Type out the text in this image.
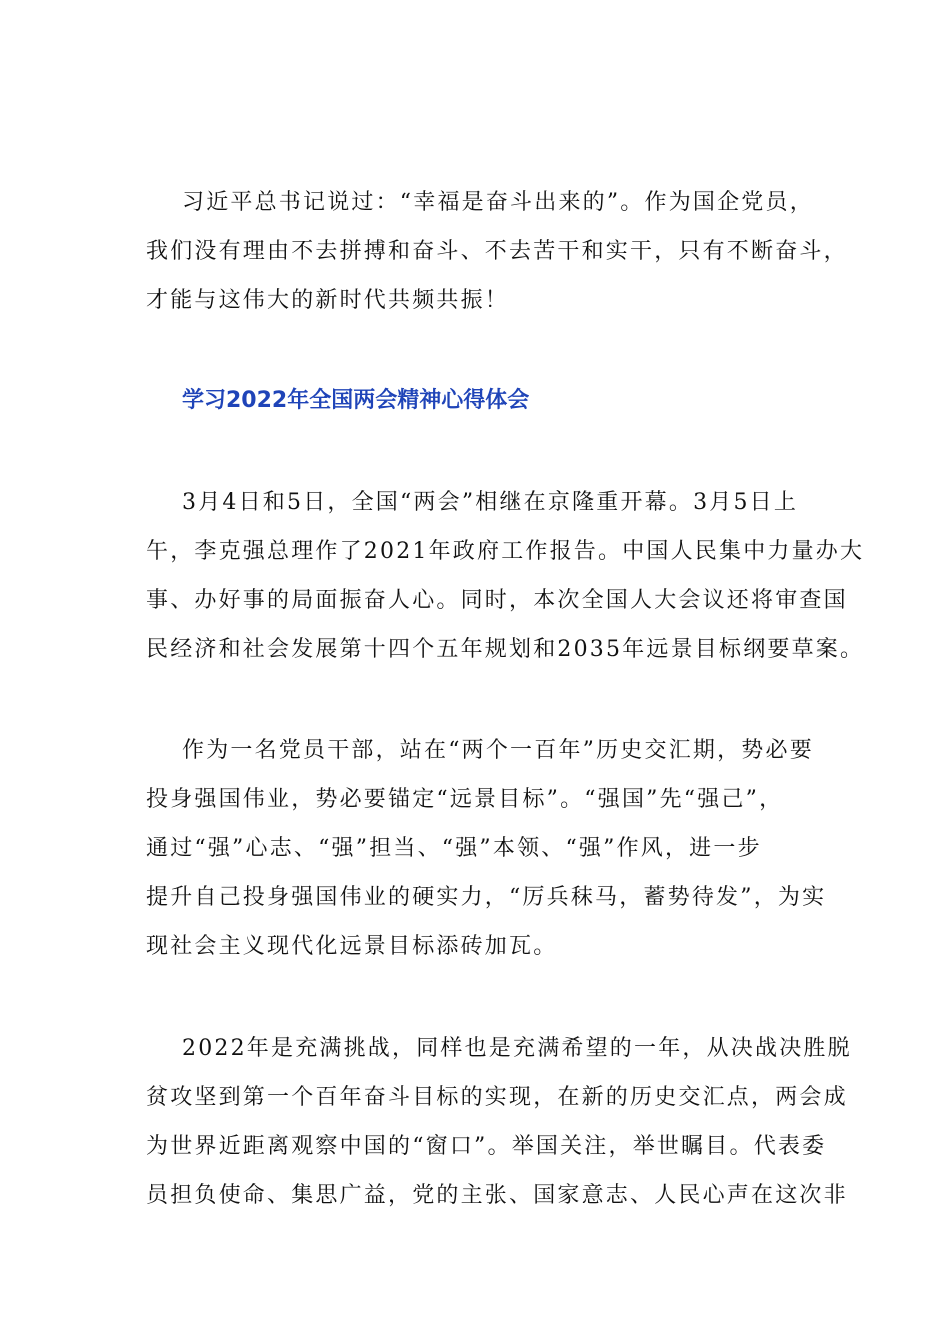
习近平总书记说过：“幸福是奋斗出来的”。作为国企党员，
我们没有理由不去拼搏和奋斗、不去苦干和实干，只有不断奋斗，
才能与这伟大的新时代共频共振！
学习2022年全国两会精神心得体会
3月4日和5日，全国“两会”相继在京隆重开幕。3月5日上
午，李克强总理作了2021年政府工作报告。中国人民集中力量办大
事、办好事的局面振奋人心。同时，本次全国人大会议还将审查国
民经济和社会发展第十四个五年规划和2035年远景目标纲要草案。
作为一名党员干部，站在“两个一百年”历史交汇期，势必要
投身强国伟业，势必要锚定“远景目标”。“强国”先“强己”，
通过“强”心志、“强”担当、“强”本领、“强”作风，进一步
提升自己投身强国伟业的硬实力，“厉兵秣马，蓄势待发”，为实
现社会主义现代化远景目标添砖加瓦。
2022年是充满挑战，同样也是充满希望的一年，从决战决胜脱
贫攻坚到第一个百年奋斗目标的实现，在新的历史交汇点，两会成
为世界近距离观察中国的“窗口”。举国关注，举世瞩目。代表委
员担负使命、集思广益，党的主张、国家意志、人民心声在这次非
